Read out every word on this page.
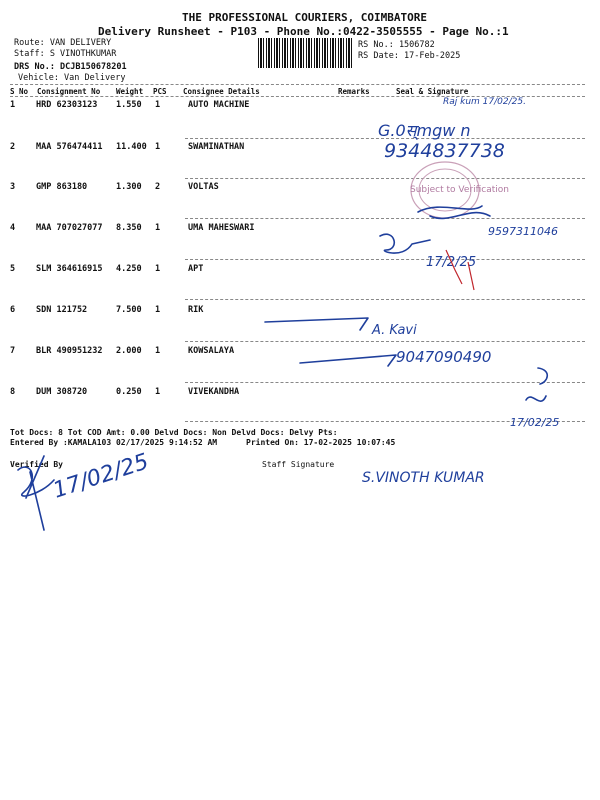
THE PROFESSIONAL COURIERS, COIMBATORE
Delivery Runsheet - P103 - Phone No.:0422-3505555 - Page No.:1
Route: VAN DELIVERY
Staff: S VINOTHKUMAR
DRS No.: DCJB150678201
Vehicle: Van Delivery
RS No.: 1506782
RS Date: 17-Feb-2025
S No Consignment No Weight PCS Consignee Details	Remarks	Seal & Signature
1 HRD 62303123 1.550 1	AUTO MACHINE
2 MAA 576474411 11.400 1	SWAMINATHAN
3 GMP 863180	1.300 2	VOLTAS
4 MAA 707027077 8.350 1	UMA MAHESWARI
5 SLM 364616915 4.250 1	APT
6 SDN 121752	7.500 1	RIK
7 BLR 490951232 2.000 1	KOWSALAYA
8 DUM 308720	0.250 1	VIVEKANDHA
Tot Docs: 8 Tot COD Amt: 0.00 Delvd Docs: Non Delvd Docs: Delvy Pts:
Entered By :KAMALA103 02/17/2025 9:14:52 AM	Printed On: 17-02-2025 10:07:45
Verified By	Staff Signature
Raj kum 17/02/25.
G.0स्mgw n
9344837738
Subject to Verification
9597311046
17/2/25
A. Kavi
9047090490
17/02/25
17/02/25	S.VINOTH KUMAR
